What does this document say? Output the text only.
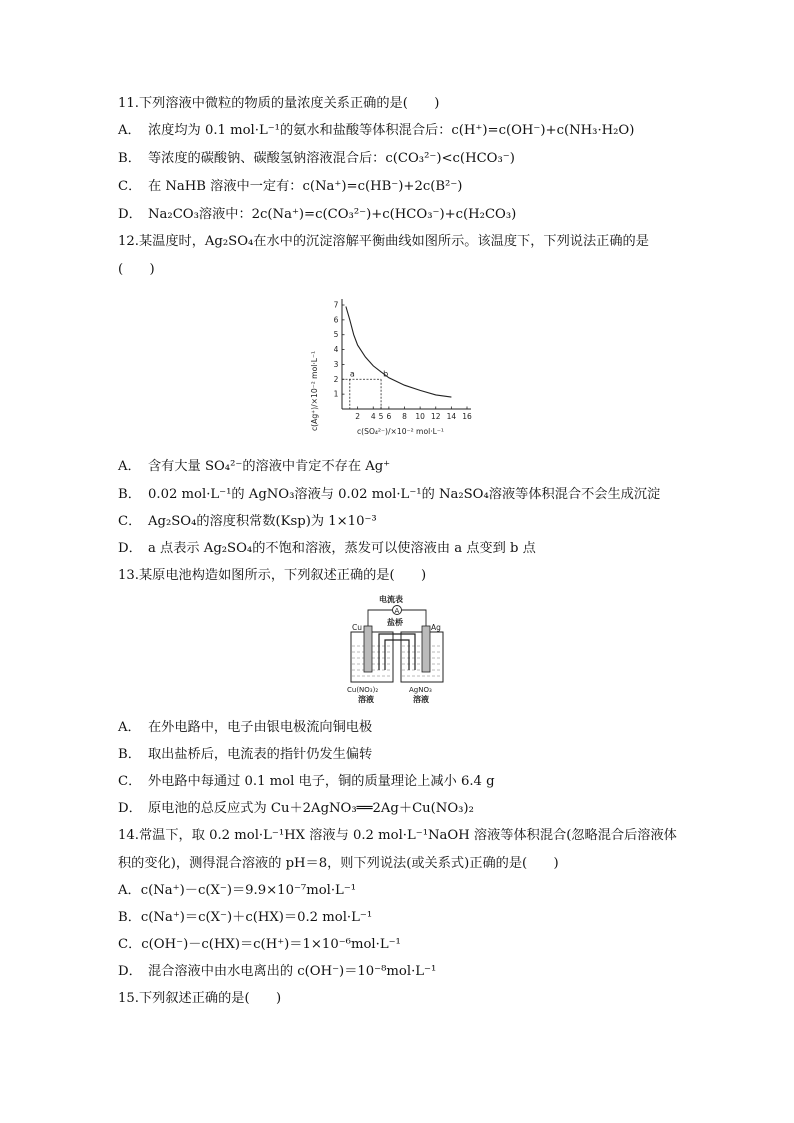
11.下列溶液中微粒的物质的量浓度关系正确的是(　　)
A． 浓度均为 0.1 mol·L⁻¹的氨水和盐酸等体积混合后：c(H⁺)=c(OH⁻)+c(NH₃·H₂O)
B． 等浓度的碳酸钠、碳酸氢钠溶液混合后：c(CO₃²⁻)<c(HCO₃⁻)
C． 在 NaHB 溶液中一定有：c(Na⁺)=c(HB⁻)+2c(B²⁻)
D． Na₂CO₃溶液中：2c(Na⁺)=c(CO₃²⁻)+c(HCO₃⁻)+c(H₂CO₃)
12.某温度时，Ag₂SO₄在水中的沉淀溶解平衡曲线如图所示。该温度下，下列说法正确的是
(　　)
1
2
3
4
5
6
7
2 4 5 6 8 10 12 14 16
a	b
c(Ag⁺)/×10⁻² mol·L⁻¹
c(SO₄²⁻)/×10⁻² mol·L⁻¹
A． 含有大量 SO₄²⁻的溶液中肯定不存在 Ag⁺
B． 0.02 mol·L⁻¹的 AgNO₃溶液与 0.02 mol·L⁻¹的 Na₂SO₄溶液等体积混合不会生成沉淀
C． Ag₂SO₄的溶度积常数(Ksp)为 1×10⁻³
D． a 点表示 Ag₂SO₄的不饱和溶液，蒸发可以使溶液由 a 点变到 b 点
13.某原电池构造如图所示，下列叙述正确的是(　　)
电流表
A
盐桥
Cu	Ag
Cu(NO₃)₂
溶液
AgNO₃
溶液
A． 在外电路中，电子由银电极流向铜电极
B． 取出盐桥后，电流表的指针仍发生偏转
C． 外电路中每通过 0.1 mol 电子，铜的质量理论上减小 6.4 g
D． 原电池的总反应式为 Cu＋2AgNO₃══2Ag＋Cu(NO₃)₂
14.常温下，取 0.2 mol·L⁻¹HX 溶液与 0.2 mol·L⁻¹NaOH 溶液等体积混合(忽略混合后溶液体
积的变化)，测得混合溶液的 pH＝8，则下列说法(或关系式)正确的是(　　)
A．c(Na⁺)－c(X⁻)＝9.9×10⁻⁷mol·L⁻¹
B．c(Na⁺)＝c(X⁻)＋c(HX)＝0.2 mol·L⁻¹
C．c(OH⁻)－c(HX)＝c(H⁺)＝1×10⁻⁶mol·L⁻¹
D． 混合溶液中由水电离出的 c(OH⁻)＝10⁻⁸mol·L⁻¹
15.下列叙述正确的是(　　)
